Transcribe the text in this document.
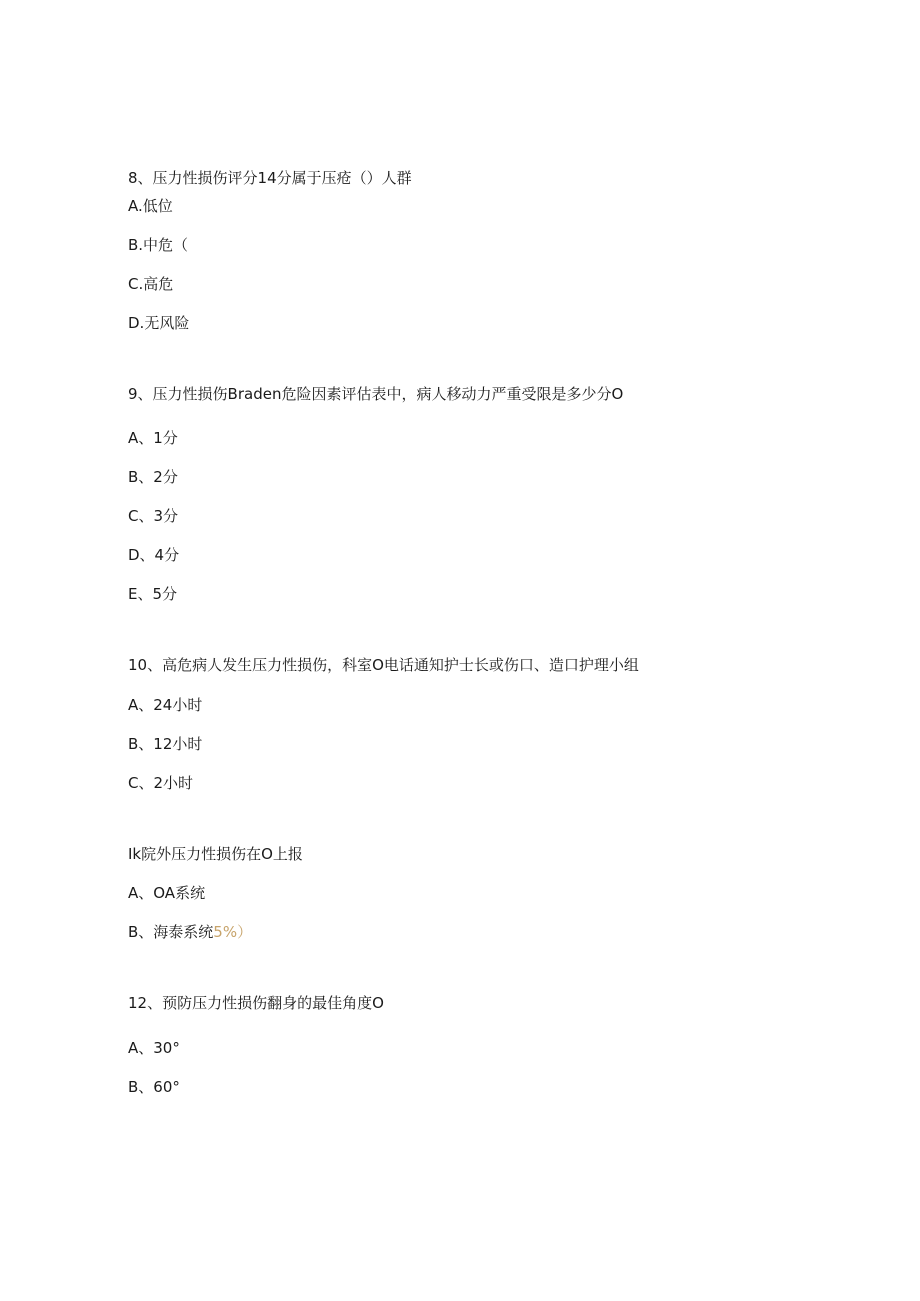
8、压力性损伤评分14分属于压疮（）人群

A.低位

B.中危（

C.高危

D.无风险

9、压力性损伤Braden危险因素评估表中，病人移动力严重受限是多少分O

A、1分

B、2分

C、3分

D、4分

E、5分

10、高危病人发生压力性损伤，科室O电话通知护士长或伤口、造口护理小组

A、24小时

B、12小时

C、2小时

Ik院外压力性损伤在O上报

A、OA系统

B、海泰系统5%）

12、预防压力性损伤翻身的最佳角度O

A、30°

B、60°
